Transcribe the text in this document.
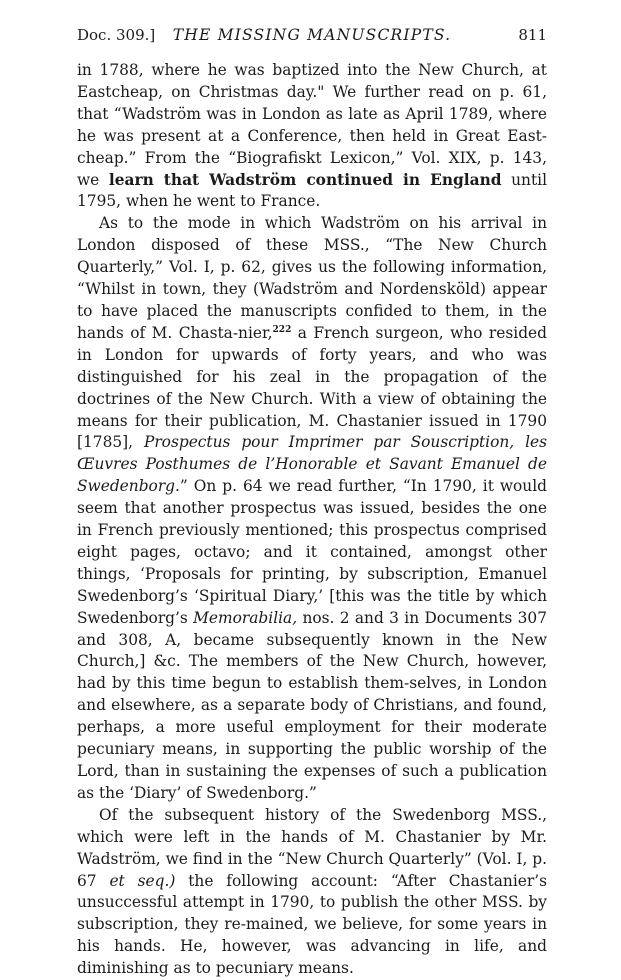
Doc. 309.]	THE MISSING MANUSCRIPTS.	811

in 1788, where he was baptized into the New Church, at Eastcheap, on Christmas day." We further read on p. 61, that “Wadström was in London as late as April 1789, where he was present at a Conference, then held in Great East-cheap.” From the “Biografiskt Lexicon,” Vol. XIX, p. 143, we learn that Wadström continued in England until 1795, when he went to France.

As to the mode in which Wadström on his arrival in London disposed of these MSS., “The New Church Quarterly,” Vol. I, p. 62, gives us the following information, “Whilst in town, they (Wadström and Nordensköld) appear to have placed the manuscripts confided to them, in the hands of M. Chasta-nier,$^{222}$ a French surgeon, who resided in London for upwards of forty years, and who was distinguished for his zeal in the propagation of the doctrines of the New Church. With a view of obtaining the means for their publication, M. Chastanier issued in 1790 [1785], Prospectus pour Imprimer par Souscription, les Œuvres Posthumes de l’Honorable et Savant Emanuel de Swedenborg.” On p. 64 we read further, “In 1790, it would seem that another prospectus was issued, besides the one in French previously mentioned; this prospectus comprised eight pages, octavo; and it contained, amongst other things, ‘Proposals for printing, by subscription, Emanuel Swedenborg’s ‘Spiritual Diary,’ [this was the title by which Swedenborg’s Memorabilia, nos. 2 and 3 in Documents 307 and 308, A, became subsequently known in the New Church,] &c. The members of the New Church, however, had by this time begun to establish them-selves, in London and elsewhere, as a separate body of Christians, and found, perhaps, a more useful employment for their moderate pecuniary means, in supporting the public worship of the Lord, than in sustaining the expenses of such a publication as the ‘Diary’ of Swedenborg.”

Of the subsequent history of the Swedenborg MSS., which were left in the hands of M. Chastanier by Mr. Wadström, we find in the “New Church Quarterly” (Vol. I, p. 67 et seq.) the following account: “After Chastanier’s unsuccessful attempt in 1790, to publish the other MSS. by subscription, they re-mained, we believe, for some years in his hands. He, however, was advancing in life, and diminishing as to pecuniary means.
